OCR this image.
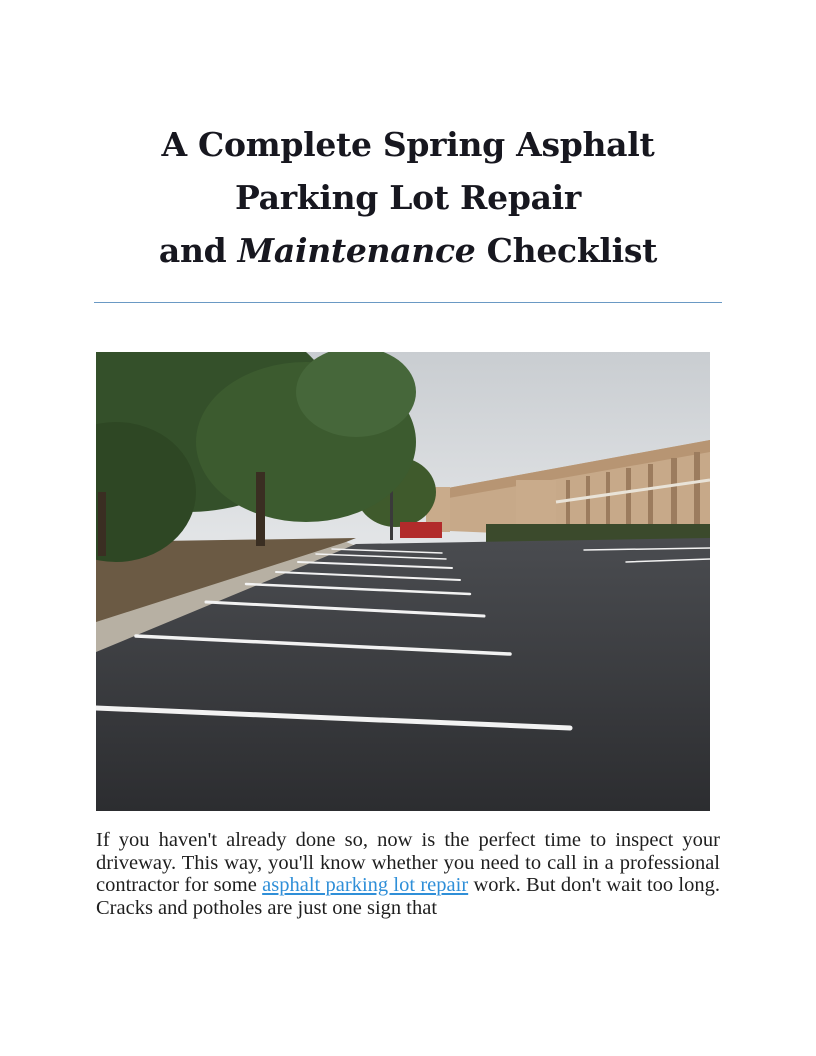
A Complete Spring Asphalt
Parking Lot Repair
and Maintenance Checklist

If you haven't already done so, now is the perfect time to inspect your driveway. This way, you'll know whether you need to call in a professional contractor for some asphalt parking lot repair work. But don't wait too long. Cracks and potholes are just one sign that
